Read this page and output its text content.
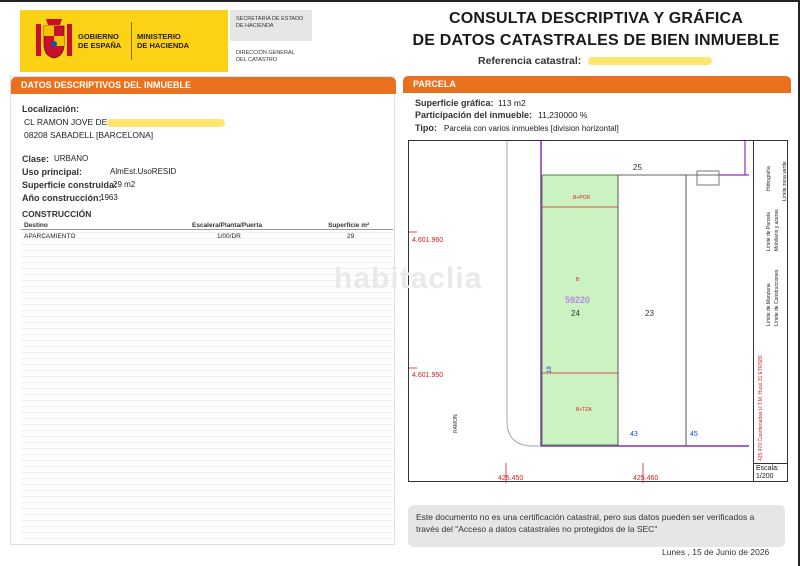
GOBIERNO
DE ESPAÑA
MINISTERIO
DE HACIENDA
SECRETARÍA DE ESTADO
DE HACIENDA
DIRECCIÓN GENERAL
DEL CATASTRO
CONSULTA DESCRIPTIVA Y GRÁFICA
DE DATOS CATASTRALES DE BIEN INMUEBLE
Referencia catastral:
DATOS DESCRIPTIVOS DEL INMUEBLE
Localización:
CL RAMON JOVE DE
08208 SABADELL [BARCELONA]
Clase: URBANO
Uso principal:	AlmEst.UsoRESID
Superficie construida:
29 m2
Año construcción:
1963
CONSTRUCCIÓN
Destino	Escalera/Planta/Puerta	Superficie m²
APARCAMIENTO	1/00/DR	29
PARCELA
Superficie gráfica: 113 m2
Participación del inmueble: 11,230000 %
Tipo: Parcela con varios inmuebles [division horizontal]
4.601.960
4.601.950
425.450	425.460
25
24	23
59220
B+POR
B
B+TZA
18
43	45
RAMON	425.470 Coordenadas U.T.M. Huso 31 ETRS89
Límite de Manzana
Límite de Parcela
Límite de Construcciones
Mobiliario y aceras
Límite zona verde
Hidrografía
Escala:
1/200
habitaclia
Este documento no es una certificación catastral, pero sus datos pueden ser verificados a través del "Acceso a datos catastrales no protegidos de la SEC"
Lunes , 15 de Junio de 2026
